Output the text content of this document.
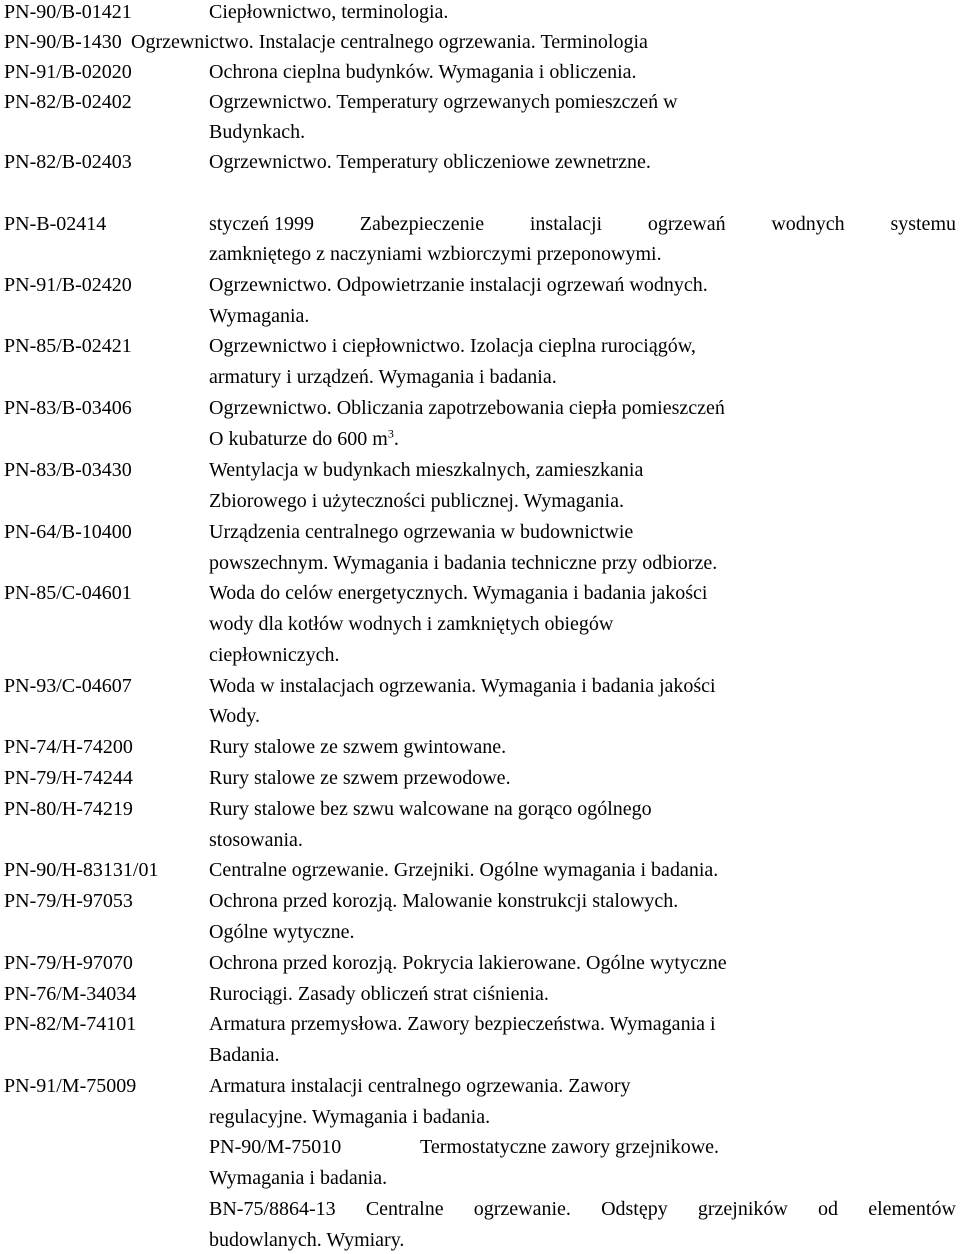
PN-90/B-01421	Ciepłownictwo, terminologia.
PN-90/B-1430 Ogrzewnictwo. Instalacje centralnego ogrzewania. Terminologia
PN-91/B-02020	Ochrona cieplna budynków. Wymagania i obliczenia.
PN-82/B-02402	Ogrzewnictwo. Temperatury ogrzewanych pomieszczeń w
Budynkach.
PN-82/B-02403	Ogrzewnictwo. Temperatury obliczeniowe zewnetrzne.
PN-B-02414	styczeń 1999 Zabezpieczenie instalacji ogrzewań wodnych systemu
zamkniętego z naczyniami wzbiorczymi przeponowymi.
PN-91/B-02420	Ogrzewnictwo. Odpowietrzanie instalacji ogrzewań wodnych.
Wymagania.
PN-85/B-02421	Ogrzewnictwo i ciepłownictwo. Izolacja cieplna rurociągów,
armatury i urządzeń. Wymagania i badania.
PN-83/B-03406	Ogrzewnictwo. Obliczania zapotrzebowania ciepła pomieszczeń
O kubaturze do 600 $m^3$.
PN-83/B-03430	Wentylacja w budynkach mieszkalnych, zamieszkania
Zbiorowego i użyteczności publicznej. Wymagania.
PN-64/B-10400	Urządzenia centralnego ogrzewania w budownictwie
powszechnym. Wymagania i badania techniczne przy odbiorze.
PN-85/C-04601	Woda do celów energetycznych. Wymagania i badania jakości
wody dla kotłów wodnych i zamkniętych obiegów
ciepłowniczych.
PN-93/C-04607	Woda w instalacjach ogrzewania. Wymagania i badania jakości
Wody.
PN-74/H-74200	Rury stalowe ze szwem gwintowane.
PN-79/H-74244	Rury stalowe ze szwem przewodowe.
PN-80/H-74219	Rury stalowe bez szwu walcowane na gorąco ogólnego
stosowania.
PN-90/H-83131/01	Centralne ogrzewanie. Grzejniki. Ogólne wymagania i badania.
PN-79/H-97053	Ochrona przed korozją. Malowanie konstrukcji stalowych.
Ogólne wytyczne.
PN-79/H-97070	Ochrona przed korozją. Pokrycia lakierowane. Ogólne wytyczne
PN-76/M-34034	Rurociągi. Zasady obliczeń strat ciśnienia.
PN-82/M-74101	Armatura przemysłowa. Zawory bezpieczeństwa. Wymagania i
Badania.
PN-91/M-75009	Armatura instalacji centralnego ogrzewania. Zawory
regulacyjne. Wymagania i badania.
PN-90/M-75010	Termostatyczne zawory grzejnikowe.
Wymagania i badania.
BN-75/8864-13 Centralne ogrzewanie. Odstępy grzejników od elementów
budowlanych. Wymiary.
